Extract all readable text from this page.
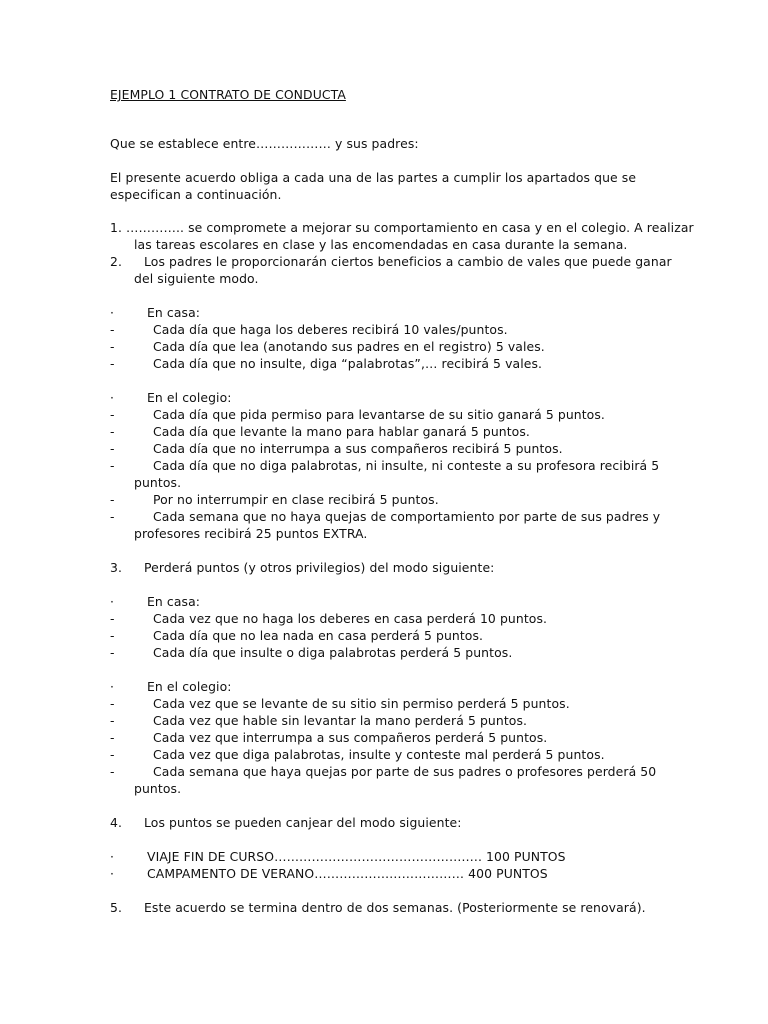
EJEMPLO 1 CONTRATO DE CONDUCTA
Que se establece entre……………… y sus padres:
El presente acuerdo obliga a cada una de las partes a cumplir los apartados que se
especifican a continuación.
1. ………….. se compromete a mejorar su comportamiento en casa y en el colegio. A realizar
las tareas escolares en clase y las encomendadas en casa durante la semana.
2. Los padres le proporcionarán ciertos beneficios a cambio de vales que puede ganar
del siguiente modo.
·	En casa:
-	Cada día que haga los deberes recibirá 10 vales/puntos.
-	Cada día que lea (anotando sus padres en el registro) 5 vales.
-	Cada día que no insulte, diga “palabrotas”,… recibirá 5 vales.
·	En el colegio:
-	Cada día que pida permiso para levantarse de su sitio ganará 5 puntos.
-	Cada día que levante la mano para hablar ganará 5 puntos.
-	Cada día que no interrumpa a sus compañeros recibirá 5 puntos.
-	Cada día que no diga palabrotas, ni insulte, ni conteste a su profesora recibirá 5
puntos.
-	Por no interrumpir en clase recibirá 5 puntos.
-	Cada semana que no haya quejas de comportamiento por parte de sus padres y
profesores recibirá 25 puntos EXTRA.
3. Perderá puntos (y otros privilegios) del modo siguiente:
·	En casa:
-	Cada vez que no haga los deberes en casa perderá 10 puntos.
-	Cada día que no lea nada en casa perderá 5 puntos.
-	Cada día que insulte o diga palabrotas perderá 5 puntos.
·	En el colegio:
-	Cada vez que se levante de su sitio sin permiso perderá 5 puntos.
-	Cada vez que hable sin levantar la mano perderá 5 puntos.
-	Cada vez que interrumpa a sus compañeros perderá 5 puntos.
-	Cada vez que diga palabrotas, insulte y conteste mal perderá 5 puntos.
-	Cada semana que haya quejas por parte de sus padres o profesores perderá 50
puntos.
4. Los puntos se pueden canjear del modo siguiente:
·	VIAJE FIN DE CURSO………………………………………….. 100 PUNTOS
·	CAMPAMENTO DE VERANO……………………………… 400 PUNTOS
5. Este acuerdo se termina dentro de dos semanas. (Posteriormente se renovará).
